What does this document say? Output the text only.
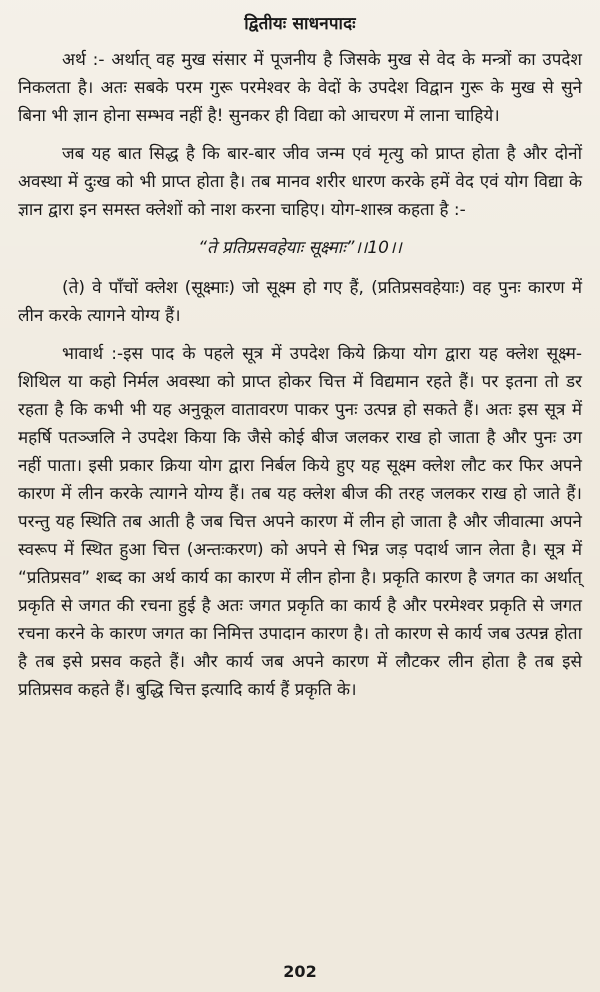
द्वितीयः साधनपादः

अर्थ :- अर्थात् वह मुख संसार में पूजनीय है जिसके मुख से वेद के मन्त्रों का उपदेश निकलता है। अतः सबके परम गुरू परमेश्वर के वेदों के उपदेश विद्वान गुरू के मुख से सुने बिना भी ज्ञान होना सम्भव नहीं है! सुनकर ही विद्या को आचरण में लाना चाहिये।

जब यह बात सिद्ध है कि बार-बार जीव जन्म एवं मृत्यु को प्राप्त होता है और दोनों अवस्था में दुःख को भी प्राप्त होता है। तब मानव शरीर धारण करके हमें वेद एवं योग विद्या के ज्ञान द्वारा इन समस्त क्लेशों को नाश करना चाहिए। योग-शास्त्र कहता है :-

“ते प्रतिप्रसवहेयाः सूक्ष्माः”।।10।।

(ते) वे पाँचों क्लेश (सूक्ष्माः) जो सूक्ष्म हो गए हैं, (प्रतिप्रसवहेयाः) वह पुनः कारण में लीन करके त्यागने योग्य हैं।

भावार्थ :-इस पाद के पहले सूत्र में उपदेश किये क्रिया योग द्वारा यह क्लेश सूक्ष्म-शिथिल या कहो निर्मल अवस्था को प्राप्त होकर चित्त में विद्यमान रहते हैं। पर इतना तो डर रहता है कि कभी भी यह अनुकूल वातावरण पाकर पुनः उत्पन्न हो सकते हैं। अतः इस सूत्र में महर्षि पतञ्जलि ने उपदेश किया कि जैसे कोई बीज जलकर राख हो जाता है और पुनः उग नहीं पाता। इसी प्रकार क्रिया योग द्वारा निर्बल किये हुए यह सूक्ष्म क्लेश लौट कर फिर अपने कारण में लीन करके त्यागने योग्य हैं। तब यह क्लेश बीज की तरह जलकर राख हो जाते हैं। परन्तु यह स्थिति तब आती है जब चित्त अपने कारण में लीन हो जाता है और जीवात्मा अपने स्वरूप में स्थित हुआ चित्त (अन्तःकरण) को अपने से भिन्न जड़ पदार्थ जान लेता है। सूत्र में “प्रतिप्रसव” शब्द का अर्थ कार्य का कारण में लीन होना है। प्रकृति कारण है जगत का अर्थात् प्रकृति से जगत की रचना हुई है अतः जगत प्रकृति का कार्य है और परमेश्वर प्रकृति से जगत रचना करने के कारण जगत का निमित्त उपादान कारण है। तो कारण से कार्य जब उत्पन्न होता है तब इसे प्रसव कहते हैं। और कार्य जब अपने कारण में लौटकर लीन होता है तब इसे प्रतिप्रसव कहते हैं। बुद्धि चित्त इत्यादि कार्य हैं प्रकृति के।

202
